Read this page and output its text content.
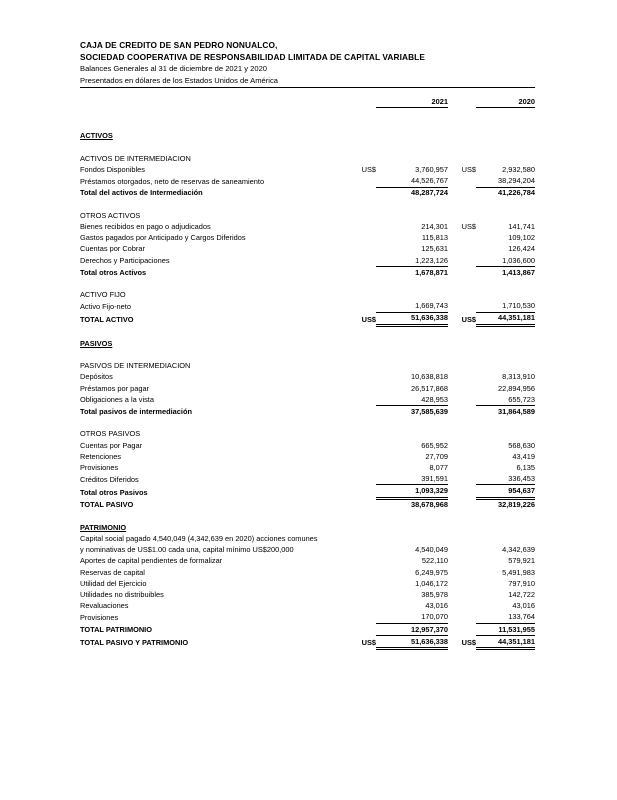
CAJA DE CREDITO DE SAN PEDRO NONUALCO,
SOCIEDAD COOPERATIVA DE RESPONSABILIDAD LIMITADA DE CAPITAL VARIABLE
Balances Generales al 31 de diciembre de 2021 y 2020
Presentados en dólares de los Estados Unidos de América
		2021		2020

ACTIVOS				

ACTIVOS DE INTERMEDIACION				
Fondos Disponibles	US$	3,760,957	US$	2,932,580
Préstamos otorgados, neto de reservas de saneamiento		44,526,767		38,294,204
Total del activos de Intermediación		48,287,724		41,226,784

OTROS ACTIVOS				
Bienes recibidos en pago o adjudicados		214,301	US$	141,741
Gastos pagados por Anticipado y Cargos Diferidos		115,813		109,102
Cuentas por Cobrar		125,631		126,424
Derechos y Participaciones		1,223,126		1,036,600
Total otros Activos		1,678,871		1,413,867

ACTIVO FIJO				
Activo Fijo-neto		1,669,743		1,710,530
TOTAL ACTIVO	US$	51,636,338	US$	44,351,181

PASIVOS				

PASIVOS DE INTERMEDIACION				
Depósitos		10,638,818		8,313,910
Préstamos por pagar		26,517,868		22,894,956
Obligaciones a la vista		428,953		655,723
Total pasivos de intermediación		37,585,639		31,864,589

OTROS PASIVOS				
Cuentas por Pagar		665,952		568,630
Retenciones		27,709		43,419
Provisiones		8,077		6,135
Créditos Diferidos		391,591		336,453
Total otros Pasivos		1,093,329		954,637
TOTAL PASIVO		38,678,968		32,819,226

PATRIMONIO				
Capital social pagado 4,540,049 (4,342,639 en 2020) acciones comunes				
y nominativas de US$1.00 cada una, capital mínimo US$200,000		4,540,049		4,342,639
Aportes de capital pendientes de formalizar		522,110		579,921
Reservas de capital		6,249,975		5,491,983
Utilidad del Ejercicio		1,046,172		797,910
Utilidades no distribuibles		385,978		142,722
Revaluaciones		43,016		43,016
Provisiones		170,070		133,764
TOTAL PATRIMONIO		12,957,370		11,531,955
TOTAL PASIVO Y PATRIMONIO	US$	51,636,338	US$	44,351,181
